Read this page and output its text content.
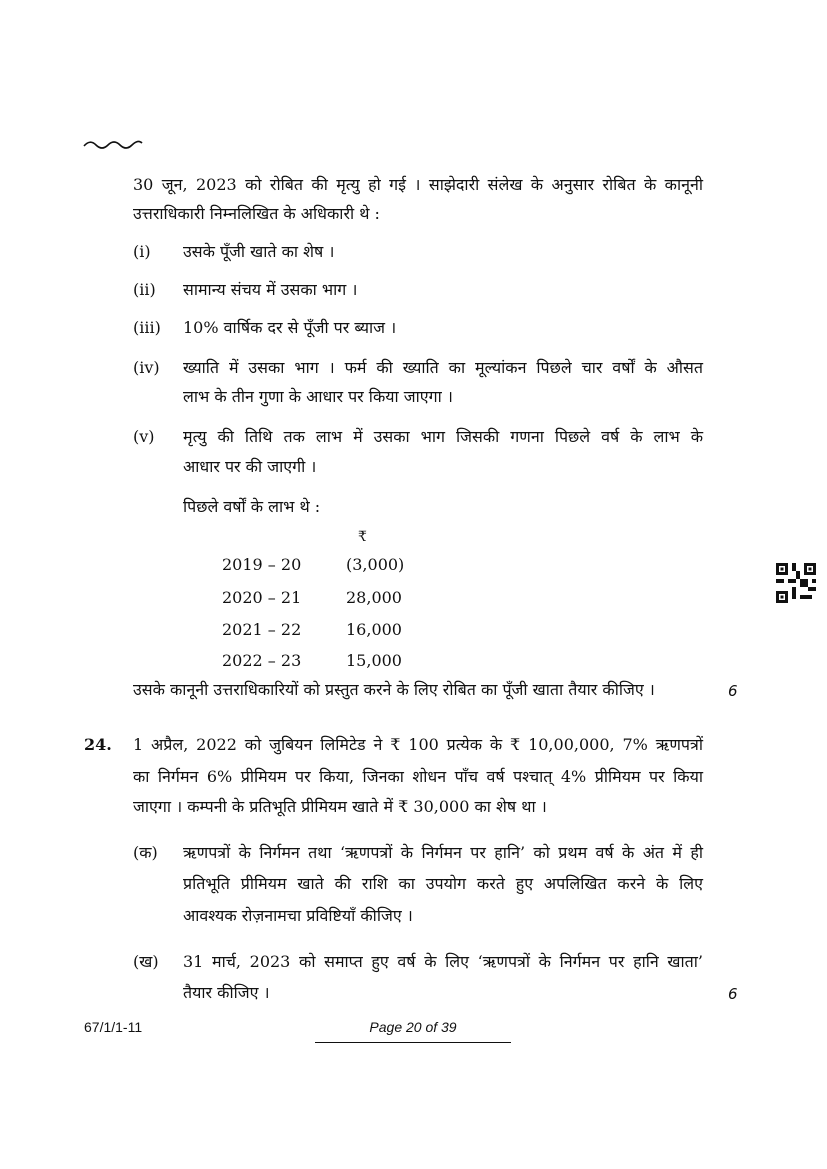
30 जून, 2023 को रोबित की मृत्यु हो गई । साझेदारी संलेख के अनुसार रोबित के कानूनी
उत्तराधिकारी निम्नलिखित के अधिकारी थे :
(i) उसके पूँजी खाते का शेष ।
(ii) सामान्य संचय में उसका भाग ।
(iii) 10% वार्षिक दर से पूँजी पर ब्याज ।
(iv) ख्याति में उसका भाग । फर्म की ख्याति का मूल्यांकन पिछले चार वर्षों के औसत
लाभ के तीन गुणा के आधार पर किया जाएगा ।
(v) मृत्यु की तिथि तक लाभ में उसका भाग जिसकी गणना पिछले वर्ष के लाभ के
आधार पर की जाएगी ।
पिछले वर्षों के लाभ थे :
₹
2019 – 20	(3,000)
2020 – 21	28,000
2021 – 22	16,000
2022 – 23	15,000
उसके कानूनी उत्तराधिकारियों को प्रस्तुत करने के लिए रोबित का पूँजी खाता तैयार कीजिए ।	6
24. 1 अप्रैल, 2022 को जुबियन लिमिटेड ने ₹ 100 प्रत्येक के ₹ 10,00,000, 7% ऋणपत्रों
का निर्गमन 6% प्रीमियम पर किया, जिनका शोधन पाँच वर्ष पश्चात् 4% प्रीमियम पर किया
जाएगा । कम्पनी के प्रतिभूति प्रीमियम खाते में ₹ 30,000 का शेष था ।
(क) ऋणपत्रों के निर्गमन तथा ‘ऋणपत्रों के निर्गमन पर हानि’ को प्रथम वर्ष के अंत में ही
प्रतिभूति प्रीमियम खाते की राशि का उपयोग करते हुए अपलिखित करने के लिए
आवश्यक रोज़नामचा प्रविष्टियाँ कीजिए ।
(ख) 31 मार्च, 2023 को समाप्त हुए वर्ष के लिए ‘ऋणपत्रों के निर्गमन पर हानि खाता’
तैयार कीजिए ।	6
67/1/1-11	Page 20 of 39
